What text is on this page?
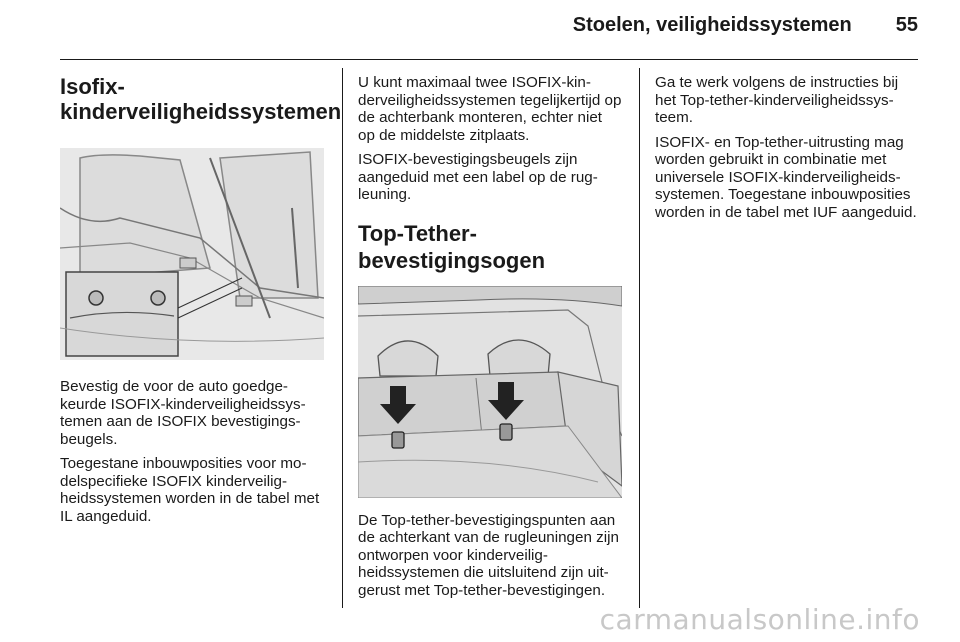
Stoelen, veiligheidssystemen 55
Isofix-
kinderveiligheidssystemen

Bevestig de voor de auto goedgekeurde ISOFIX-kinderveiligheidssystemen aan de ISOFIX bevestigingsbeugels.

Toegestane inbouwposities voor modelspecifieke ISOFIX kinderveiligheidssystemen worden in de tabel met IL aangeduid.

U kunt maximaal twee ISOFIX-kinderveiligheidssystemen tegelijkertijd op de achterbank monteren, echter niet op de middelste zitplaats.

ISOFIX-bevestigingsbeugels zijn aangeduid met een label op de rugleuning.

Top-Tether-
bevestigingsogen

De Top-tether-bevestigingspunten aan de achterkant van de rugleuningen zijn ontworpen voor kinderveiligheidssystemen die uitsluitend zijn uitgerust met Top-tether-bevestigingen.

Ga te werk volgens de instructies bij het Top-tether-kinderveiligheidssysteem.

ISOFIX- en Top-tether-uitrusting mag worden gebruikt in combinatie met universele ISOFIX-kinderveiligheidssystemen. Toegestane inbouwposities worden in de tabel met IUF aangeduid.

carmanualsonline.info
